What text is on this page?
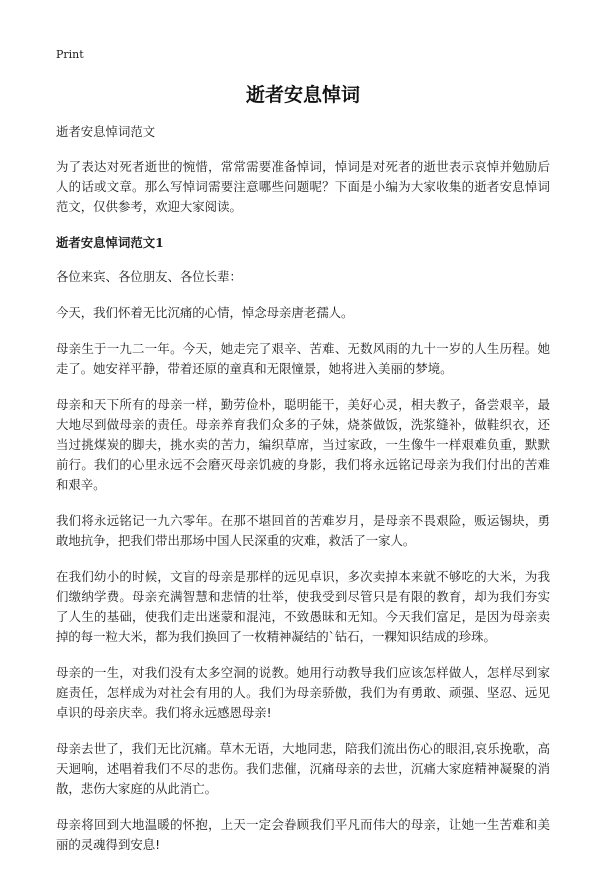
Print
逝者安息悼词

逝者安息悼词范文

为了表达对死者逝世的惋惜，常常需要准备悼词，悼词是对死者的逝世表示哀悼并勉励后人的话或文章。那么写悼词需要注意哪些问题呢？下面是小编为大家收集的逝者安息悼词范文，仅供参考，欢迎大家阅读。

逝者安息悼词范文1

各位来宾、各位朋友、各位长辈：

今天，我们怀着无比沉痛的心情，悼念母亲唐老孺人。

母亲生于一九二一年。今天，她走完了艰辛、苦难、无数风雨的九十一岁的人生历程。她走了。她安祥平静，带着还原的童真和无限憧景，她将进入美丽的梦境。

母亲和天下所有的母亲一样，勤劳俭朴，聪明能干，美好心灵，相夫教子，备尝艰辛，最大地尽到做母亲的责任。母亲养育我们众多的子妹，烧茶做饭，洗浆缝补，做鞋织衣，还当过挑煤炭的脚夫，挑水卖的苦力，编织草席，当过家政，一生像牛一样艰难负重，默默前行。我们的心里永远不会磨灭母亲饥疲的身影，我们将永远铭记母亲为我们付出的苦难和艰辛。

我们将永远铭记一九六零年。在那不堪回首的苦难岁月，是母亲不畏艰险，贩运锡块，勇敢地抗争，把我们带出那场中国人民深重的灾难，救活了一家人。

在我们幼小的时候，文盲的母亲是那样的远见卓识，多次卖掉本来就不够吃的大米，为我们缴纳学费。母亲充满智慧和悲情的壮举，使我受到尽管只是有限的教育，却为我们夯实了人生的基础，使我们走出迷蒙和混沌，不致愚昧和无知。今天我们富足，是因为母亲卖掉的每一粒大米，都为我们换回了一枚精神凝结的`钻石，一粿知识结成的珍珠。

母亲的一生，对我们没有太多空洞的说教。她用行动教导我们应该怎样做人，怎样尽到家庭责任，怎样成为对社会有用的人。我们为母亲骄傲，我们为有勇敢、顽强、坚忍、远见卓识的母亲庆幸。我们将永远感恩母亲!

母亲去世了，我们无比沉痛。草木无语，大地同悲，陪我们流出伤心的眼泪,哀乐挽歌，高天迴响，述唱着我们不尽的悲伤。我们悲催，沉痛母亲的去世，沉痛大家庭精神凝聚的消散，悲伤大家庭的从此消亡。

母亲将回到大地温暖的怀抱，上天一定会眷顾我们平凡而伟大的母亲，让她一生苦难和美丽的灵魂得到安息!
